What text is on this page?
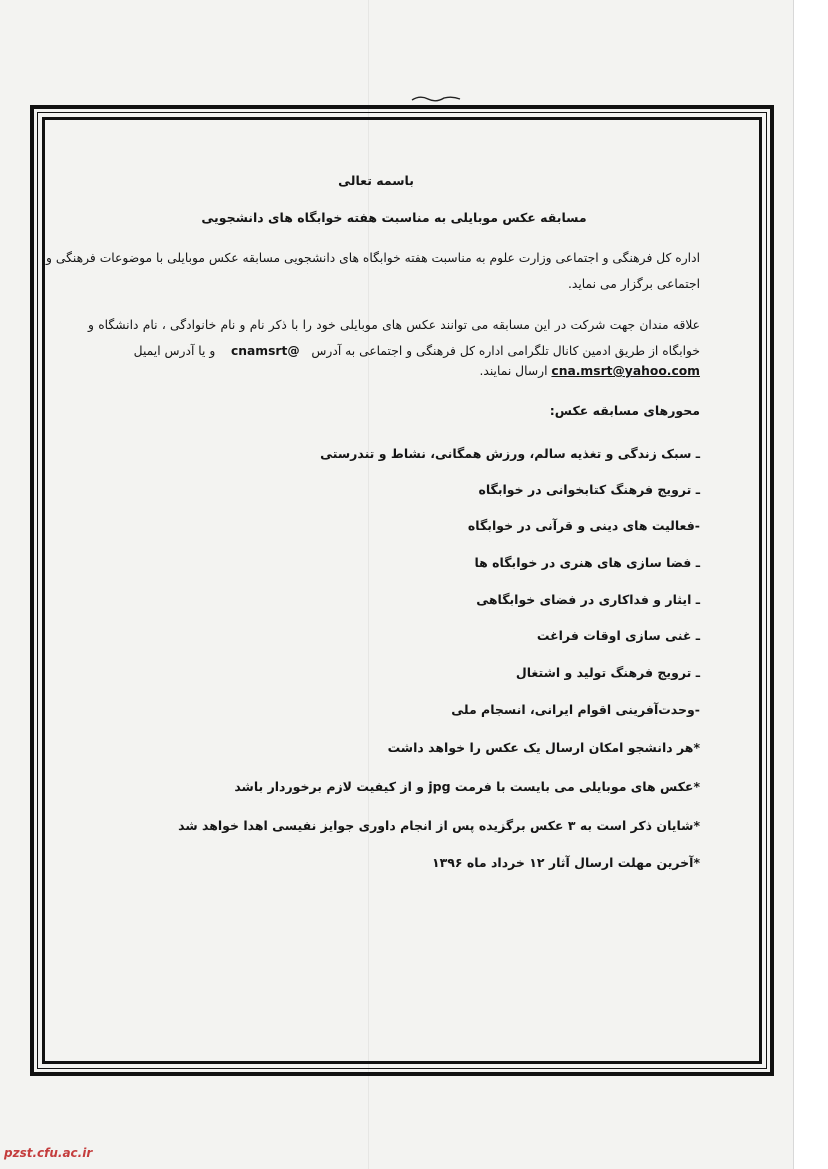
باسمه تعالی
مسابقه عکس موبایلی به مناسبت هفته خوابگاه های دانشجویی
اداره کل فرهنگی و اجتماعی وزارت علوم به مناسبت هفته خوابگاه های دانشجویی مسابقه عکس موبایلی با موضوعات فرهنگی و
اجتماعی برگزار می نماید.
علاقه مندان جهت شرکت در این مسابقه می توانند عکس های موبایلی خود را با ذکر نام و نام خانوادگی ، نام دانشگاه و
خوابگاه از طریق ادمین کانال تلگرامی اداره کل فرهنگی و اجتماعی به آدرس   @cnamsrt    و یا آدرس ایمیل
cna.msrt@yahoo.com ارسال نمایند.
محورهای مسابقه عکس:
ـ سبک زندگی و تغذیه سالم، ورزش همگانی، نشاط و تندرستی
ـ ترویج فرهنگ کتابخوانی در خوابگاه
-فعالیت های دینی و قرآنی در خوابگاه
ـ فضا سازی های هنری در خوابگاه ها
ـ ایثار و فداکاری در فضای خوابگاهی
ـ غنی سازی اوقات فراغت
ـ ترویج فرهنگ تولید و اشتغال
-وحدت‌آفرینی اقوام ایرانی، انسجام ملی
*هر دانشجو امکان ارسال یک عکس را خواهد داشت
*عکس های موبایلی می بایست با فرمت jpg و از کیفیت لازم برخوردار باشد
*شایان ذکر است به ۳ عکس برگزیده پس از انجام داوری جوایز نفیسی اهدا خواهد شد
*آخرین مهلت ارسال آثار ۱۲ خرداد ماه ۱۳۹۶
pzst.cfu.ac.ir
